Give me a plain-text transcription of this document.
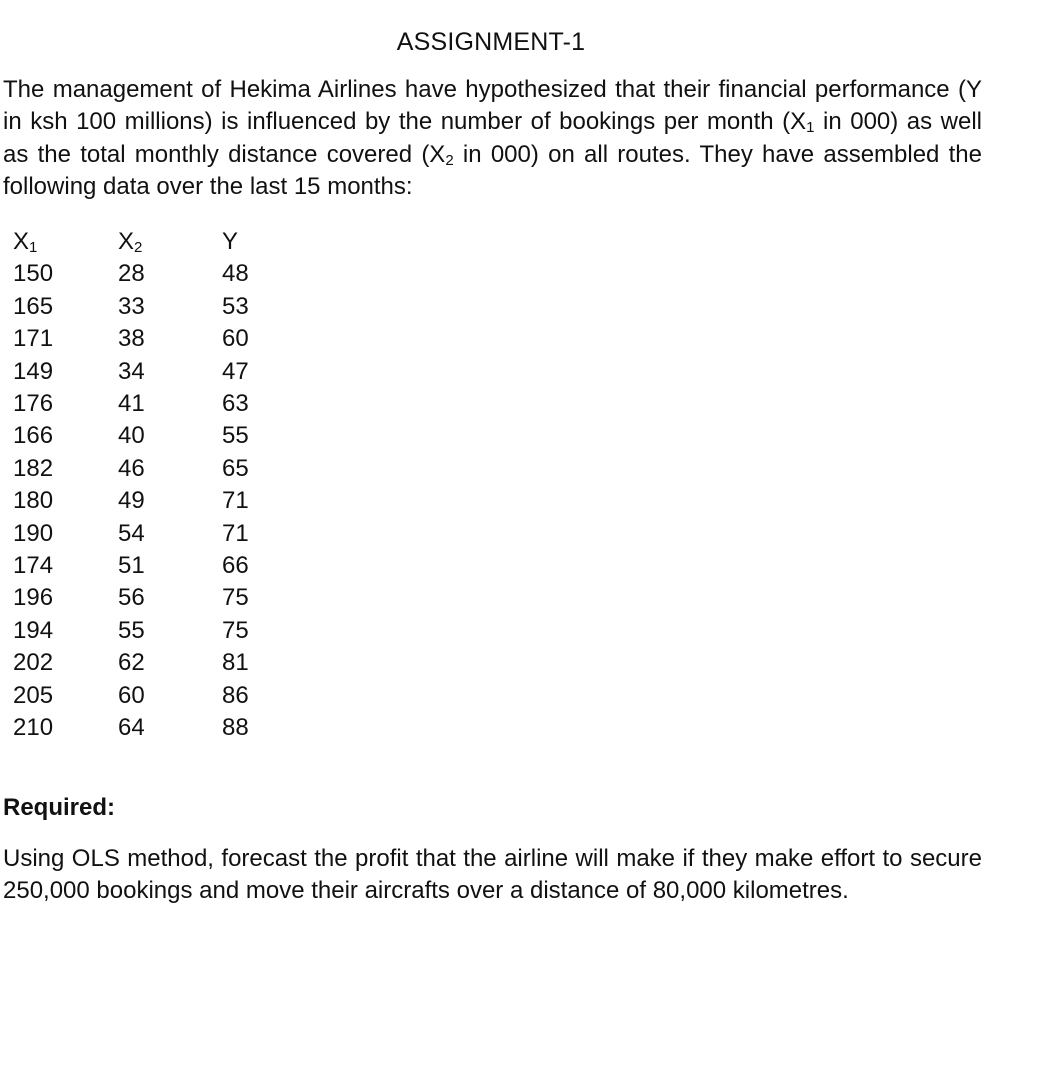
ASSIGNMENT-1

The management of Hekima Airlines have hypothesized that their financial performance (Y in ksh 100 millions) is influenced by the number of bookings per month ($X_1$ in 000) as well as the total monthly distance covered ($X_2$ in 000) on all routes. They have assembled the following data over the last 15 months:

$X_1$	$X_2$	Y
150	28	48
165	33	53
171	38	60
149	34	47
176	41	63
166	40	55
182	46	65
180	49	71
190	54	71
174	51	66
196	56	75
194	55	75
202	62	81
205	60	86
210	64	88
Required:

Using OLS method, forecast the profit that the airline will make if they make effort to secure 250,000 bookings and move their aircrafts over a distance of 80,000 kilometres.
